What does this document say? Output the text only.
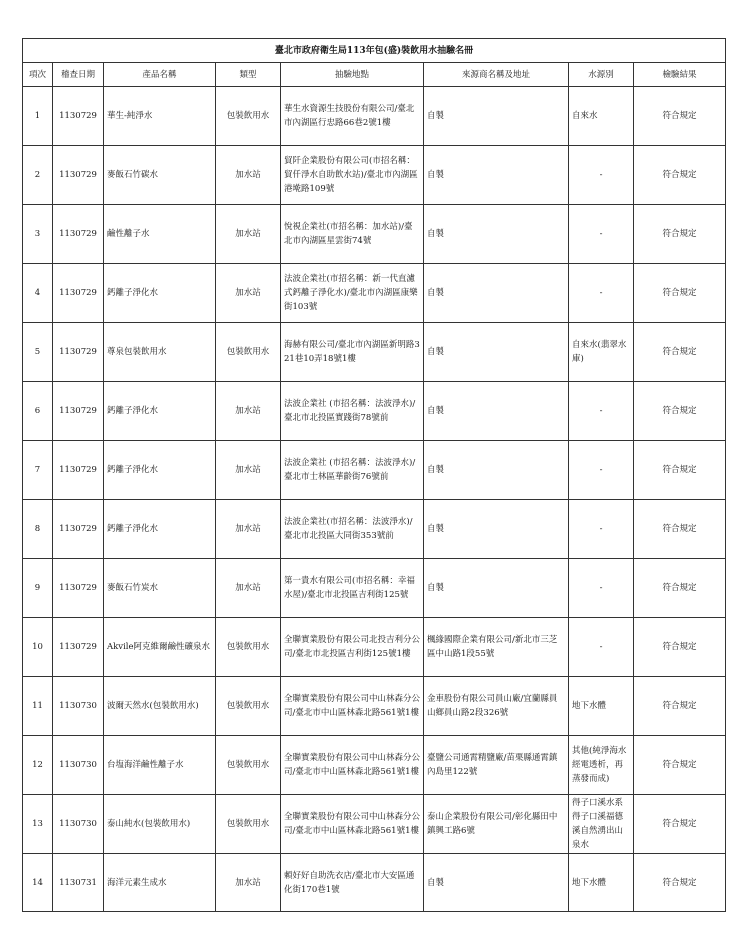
臺北市政府衛生局113年包(盛)裝飲用水抽驗名冊							
項次	稽查日期	產品名稱	類型	抽驗地點	來源商名稱及地址	水源別	檢驗結果
1	1130729	華生-純淨水	包裝飲用水	華生水資源生技股份有限公司/臺北市內湖區行忠路66巷2號1樓	自製	自來水	符合規定
2	1130729	麥飯石竹碳水	加水站	貿阡企業股份有限公司(市招名稱：貿仟淨水自助飲水站)/臺北市內湖區港墘路109號	自製	-	符合規定
3	1130729	鹼性離子水	加水站	悅視企業社(市招名稱：加水站)/臺北市內湖區星雲街74號	自製	-	符合規定
4	1130729	鈣離子淨化水	加水站	法波企業社(市招名稱：新一代直濾式鈣離子淨化水)/臺北市內湖區康樂街103號	自製	-	符合規定
5	1130729	尊泉包裝飲用水	包裝飲用水	海赫有限公司/臺北市內湖區新明路321巷10弄18號1樓	自製	自來水(翡翠水庫)	符合規定
6	1130729	鈣離子淨化水	加水站	法波企業社 (市招名稱：法波淨水)/臺北市北投區實踐街78號前	自製	-	符合規定
7	1130729	鈣離子淨化水	加水站	法波企業社 (市招名稱：法波淨水)/臺北市士林區華齡街76號前	自製	-	符合規定
8	1130729	鈣離子淨化水	加水站	法波企業社(市招名稱：法波淨水)/臺北市北投區大同街353號前	自製	-	符合規定
9	1130729	麥飯石竹炭水	加水站	第一貴水有限公司(市招名稱：幸福水屋)/臺北市北投區吉利街125號	自製	-	符合規定
10	1130729	Akvile阿克維爾鹼性礦泉水	包裝飲用水	全聯實業股份有限公司北投吉利分公司/臺北市北投區吉利街125號1樓	楓緣國際企業有限公司/新北市三芝區中山路1段55號	-	符合規定
11	1130730	波爾天然水(包裝飲用水)	包裝飲用水	全聯實業股份有限公司中山林森分公司/臺北市中山區林森北路561號1樓	金車股份有限公司員山廠/宜蘭縣員山鄉員山路2段326號	地下水體	符合規定
12	1130730	台塩海洋鹼性離子水	包裝飲用水	全聯實業股份有限公司中山林森分公司/臺北市中山區林森北路561號1樓	臺鹽公司通霄精鹽廠/苗栗縣通霄鎮內島里122號	其他(純淨海水經電透析，再蒸發而成)	符合規定
13	1130730	泰山純水(包裝飲用水)	包裝飲用水	全聯實業股份有限公司中山林森分公司/臺北市中山區林森北路561號1樓	泰山企業股份有限公司/彰化縣田中鎮興工路6號	得子口溪水系得子口溪福德溪自然湧出山泉水	符合規定
14	1130731	海洋元素生成水	加水站	頼好好自助洗衣店/臺北市大安區通化街170巷1號	自製	地下水體	符合規定
